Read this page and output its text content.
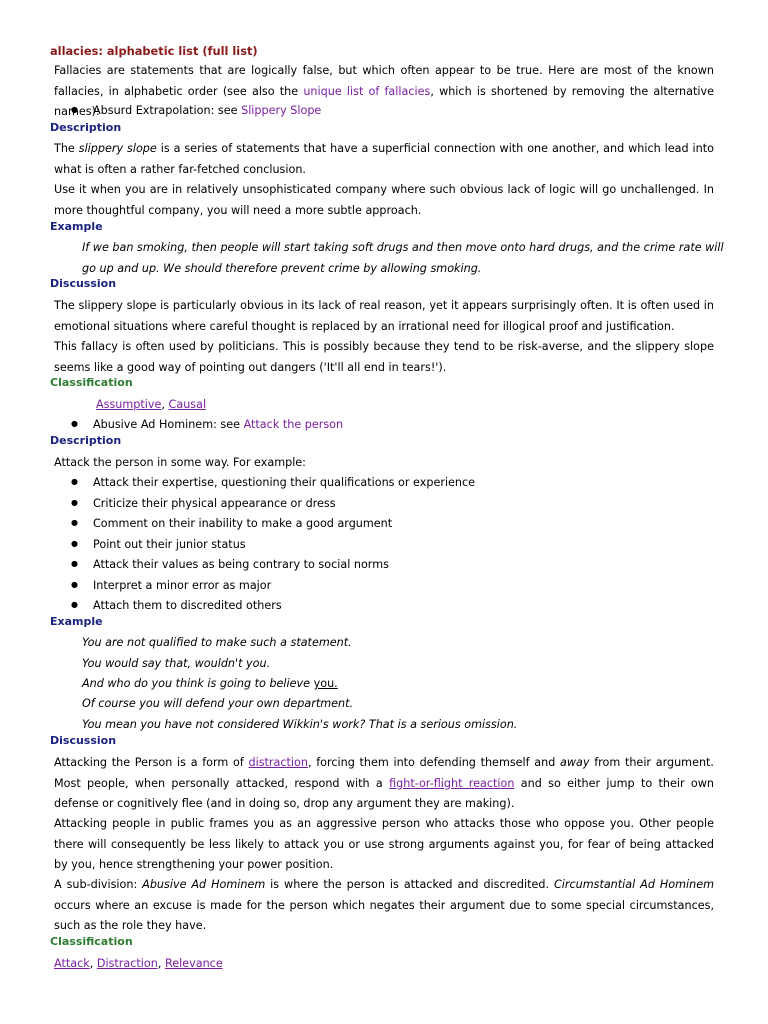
allacies: alphabetic list (full list)
Fallacies are statements that are logically false, but which often appear to be true. Here are most of the known fallacies, in alphabetic order (see also the unique list of fallacies, which is shortened by removing the alternative names):
● Absurd Extrapolation: see Slippery Slope
Description
The slippery slope is a series of statements that have a superficial connection with one another, and which lead into what is often a rather far-fetched conclusion.
Use it when you are in relatively unsophisticated company where such obvious lack of logic will go unchallenged. In more thoughtful company, you will need a more subtle approach.
Example
If we ban smoking, then people will start taking soft drugs and then move onto hard drugs, and the crime rate will
go up and up. We should therefore prevent crime by allowing smoking.
Discussion
The slippery slope is particularly obvious in its lack of real reason, yet it appears surprisingly often. It is often used in emotional situations where careful thought is replaced by an irrational need for illogical proof and justification.
This fallacy is often used by politicians. This is possibly because they tend to be risk-averse, and the slippery slope seems like a good way of pointing out dangers ('It'll all end in tears!').
Classification
Assumptive, Causal
● Abusive Ad Hominem: see Attack the person
Description
Attack the person in some way. For example:
● Attack their expertise, questioning their qualifications or experience
● Criticize their physical appearance or dress
● Comment on their inability to make a good argument
● Point out their junior status
● Attack their values as being contrary to social norms
● Interpret a minor error as major
● Attach them to discredited others
Example
You are not qualified to make such a statement.
You would say that, wouldn't you.
And who do you think is going to believe you.
Of course you will defend your own department.
You mean you have not considered Wikkin's work? That is a serious omission.
Discussion
Attacking the Person is a form of distraction, forcing them into defending themself and away from their argument. Most people, when personally attacked, respond with a fight-or-flight reaction and so either jump to their own defense or cognitively flee (and in doing so, drop any argument they are making).
Attacking people in public frames you as an aggressive person who attacks those who oppose you. Other people there will consequently be less likely to attack you or use strong arguments against you, for fear of being attacked by you, hence strengthening your power position.
A sub-division: Abusive Ad Hominem is where the person is attacked and discredited. Circumstantial Ad Hominem occurs where an excuse is made for the person which negates their argument due to some special circumstances, such as the role they have.
Classification
Attack, Distraction, Relevance
